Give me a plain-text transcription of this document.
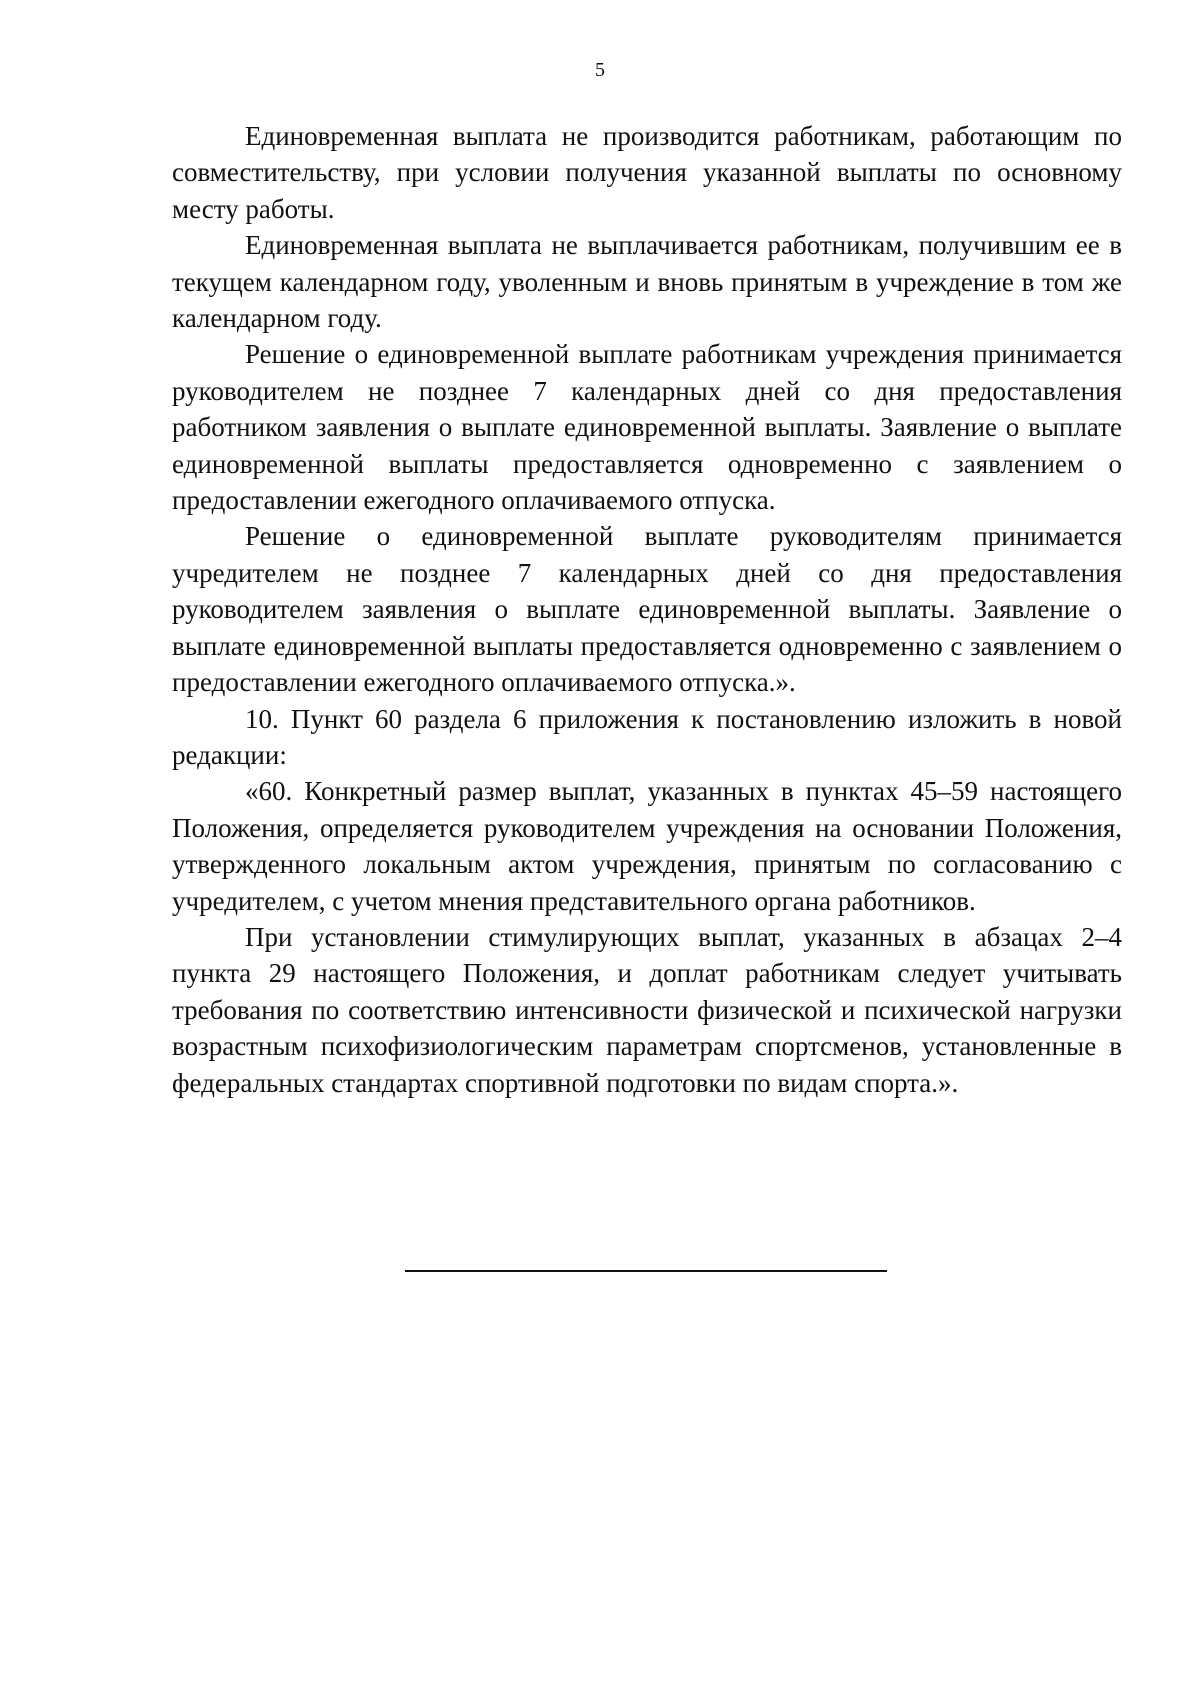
5

Единовременная выплата не производится работникам, работающим по совместительству, при условии получения указанной выплаты по основному месту работы.

Единовременная выплата не выплачивается работникам, получившим ее в текущем календарном году, уволенным и вновь принятым в учреждение в том же календарном году.

Решение о единовременной выплате работникам учреждения принимается руководителем не позднее 7 календарных дней со дня предоставления работником заявления о выплате единовременной выплаты. Заявление о выплате единовременной выплаты предоставляется одновременно с заявлением о предоставлении ежегодного оплачиваемого отпуска.

Решение о единовременной выплате руководителям принимается учредителем не позднее 7 календарных дней со дня предоставления руководителем заявления о выплате единовременной выплаты. Заявление о выплате единовременной выплаты предоставляется одновременно с заявлением о предоставлении ежегодного оплачиваемого отпуска.».

10. Пункт 60 раздела 6 приложения к постановлению изложить в новой редакции:

«60. Конкретный размер выплат, указанных в пунктах 45–59 настоящего Положения, определяется руководителем учреждения на основании Положения, утвержденного локальным актом учреждения, принятым по согласованию с учредителем, с учетом мнения представительного органа работников.

При установлении стимулирующих выплат, указанных в абзацах 2–4 пункта 29 настоящего Положения, и доплат работникам следует учитывать требования по соответствию интенсивности физической и психической нагрузки возрастным психофизиологическим параметрам спортсменов, установленные в федеральных стандартах спортивной подготовки по видам спорта.».
